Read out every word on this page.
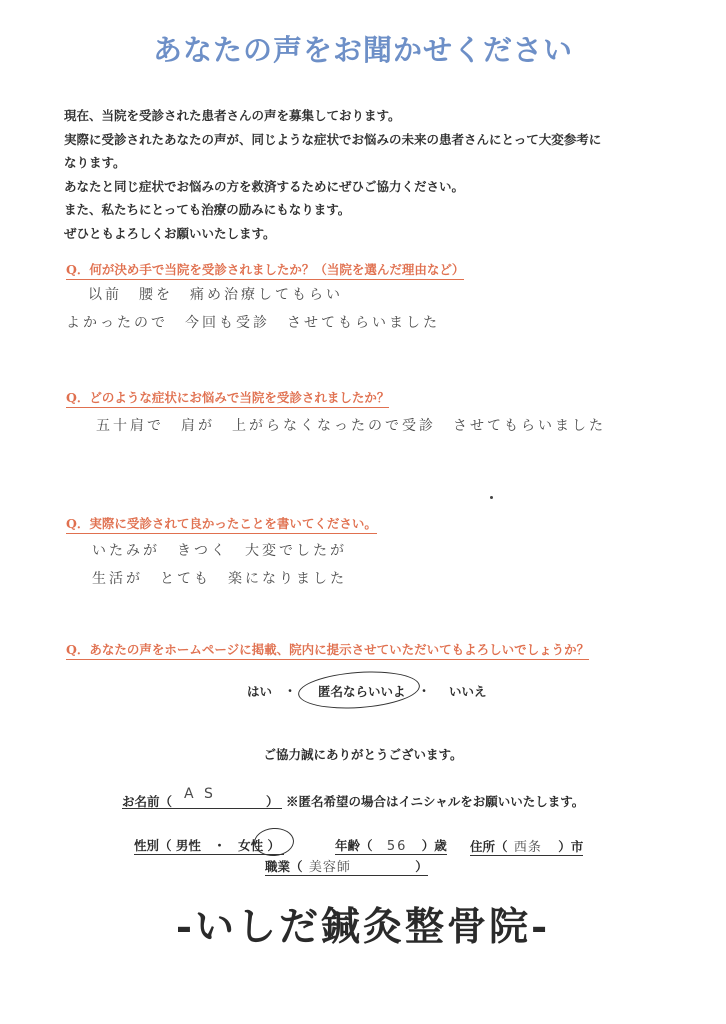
あなたの声をお聞かせください
現在、当院を受診された患者さんの声を募集しております。
実際に受診されたあなたの声が、同じような症状でお悩みの未来の患者さんにとって大変参考に
なります。
あなたと同じ症状でお悩みの方を救済するためにぜひご協力ください。
また、私たちにとっても治療の励みにもなります。
ぜひともよろしくお願いいたします。
Q．何が決め手で当院を受診されましたか？（当院を選んだ理由など）
以前　腰を　痛め治療してもらい
よかったので　今回も受診　させてもらいました
Q．どのような症状にお悩みで当院を受診されましたか？
五十肩で　肩が　上がらなくなったので受診　させてもらいました
Q．実際に受診されて良かったことを書いてください。
いたみが　きつく　大変でしたが
生活が　とても　楽になりました
Q．あなたの声をホームページに掲載、院内に提示させていただいてもよろしいでしょうか？
はい ・ 匿名ならいいよ ・ いいえ
ご協力誠にありがとうございます。
お名前（ A S	） ※匿名希望の場合はイニシャルをお願いいたします。
性別（ 男性 ・ 女性 ）	年齢（ 56 ）歳 住所（ 西条 ）市
職業（ 美容師	）
-いしだ鍼灸整骨院-
